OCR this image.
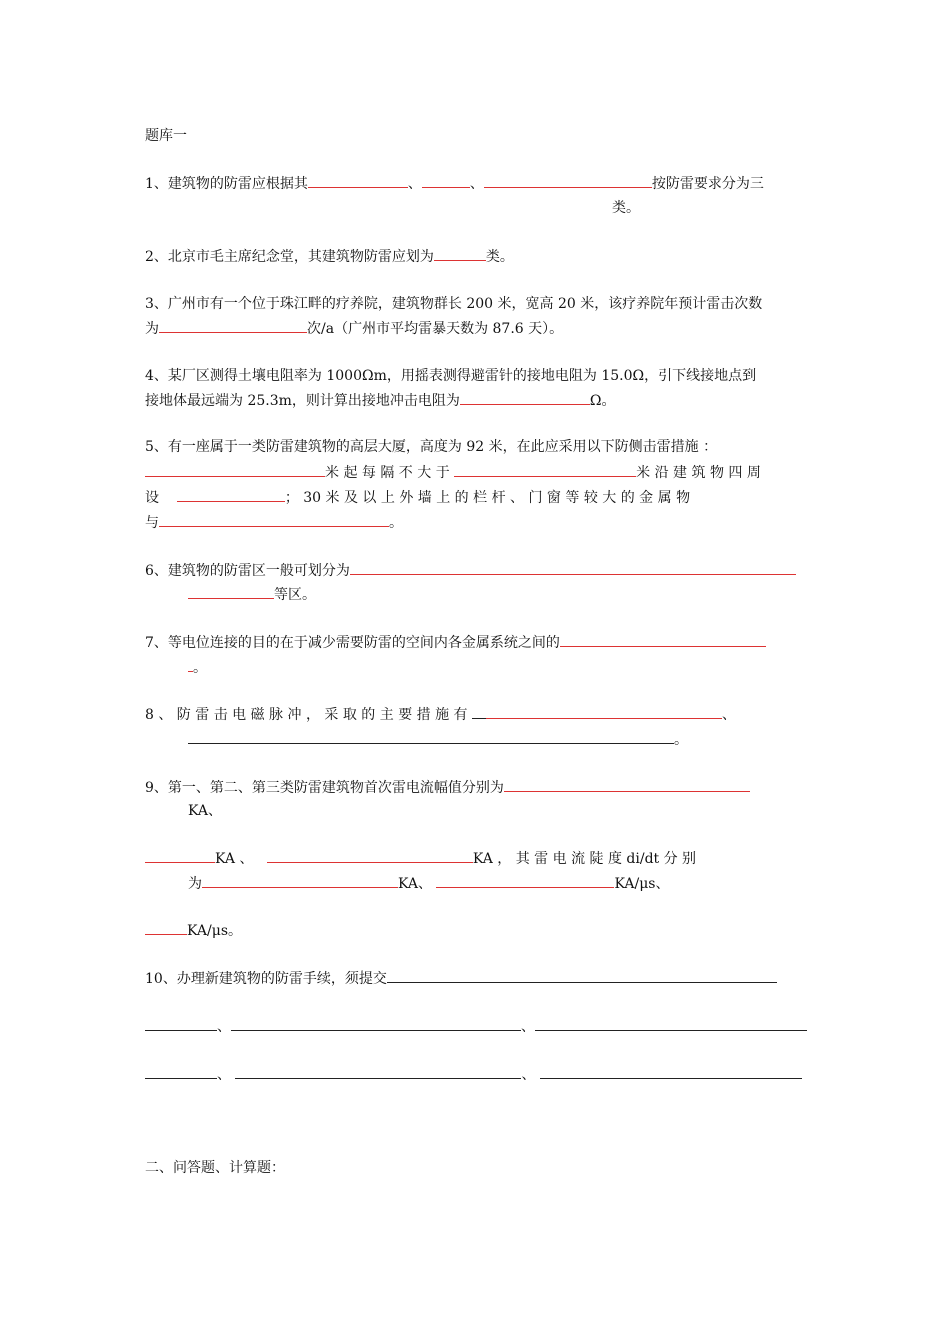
题库一
1、建筑物的防雷应根据其	、	、	按防雷要求分为三
类。
2、北京市毛主席纪念堂，其建筑物防雷应划为	类。
3、广州市有一个位于珠江畔的疗养院，建筑物群长 200 米，宽高 20 米，该疗养院年预计雷击次数
为	次/a（广州市平均雷暴天数为 87.6 天）。
4、某厂区测得土壤电阻率为 1000Ωm，用摇表测得避雷针的接地电阻为 15.0Ω，引下线接地点到
接地体最远端为 25.3m，则计算出接地冲击电阻为	Ω。
5、有一座属于一类防雷建筑物的高层大厦，高度为 92 米，在此应采用以下防侧击雷措施 ：
米 起 每 隔 不 大 于	米 沿 建 筑 物 四 周
设	； 30 米 及 以 上 外 墙 上 的 栏 杆 、 门 窗 等 较 大 的 金 属 物
与	。
6、建筑物的防雷区一般可划分为
等区。
7、等电位连接的目的在于减少需要防雷的空间内各金属系统之间的
。
8 、 防 雷 击 电 磁 脉 冲 ， 采 取 的 主 要 措 施 有	、
。
9、第一、第二、第三类防雷建筑物首次雷电流幅值分别为
KA、
KA 、	KA ， 其 雷 电 流 陡 度 di/dt 分 别
为	KA、	KA/μs、
KA/μs。
10、办理新建筑物的防雷手续，须提交
、	、
、	、
二、问答题、计算题：
